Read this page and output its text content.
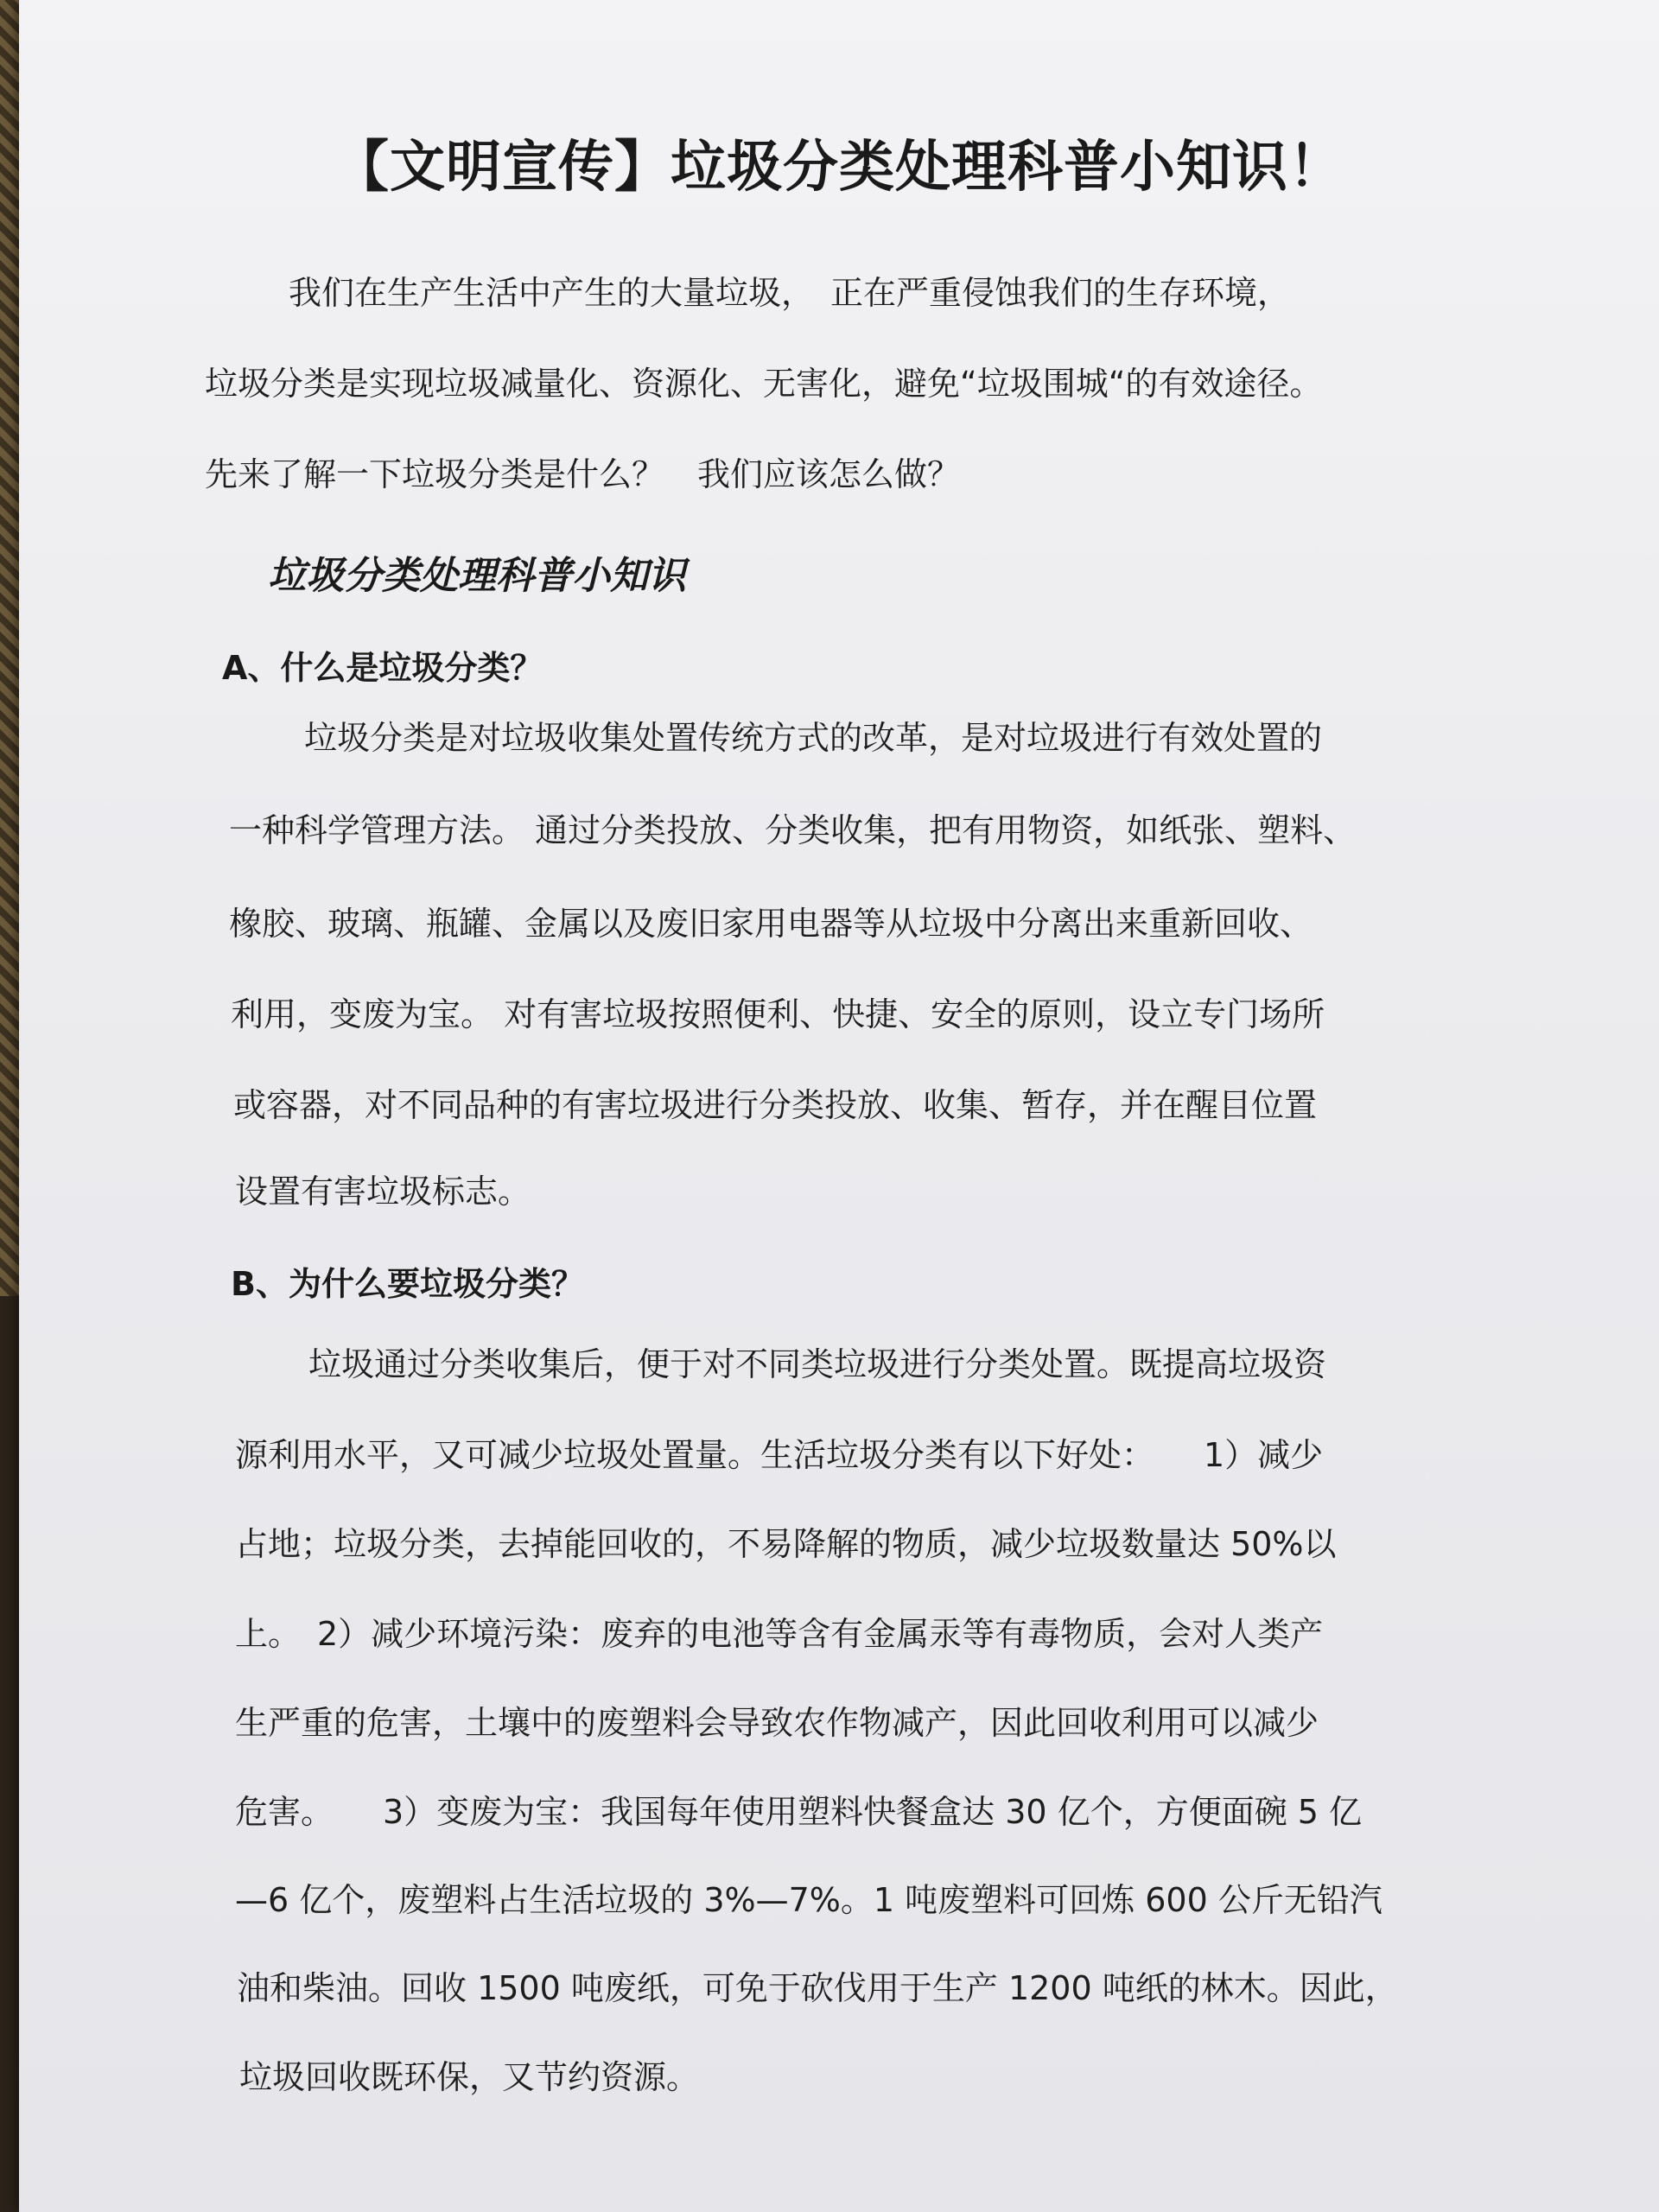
【文明宣传】垃圾分类处理科普小知识！
我们在生产生活中产生的大量垃圾，　正在严重侵蚀我们的生存环境，
垃圾分类是实现垃圾减量化、资源化、无害化，避免“垃圾围城“的有效途径。
先来了解一下垃圾分类是什么？　我们应该怎么做？
垃圾分类处理科普小知识
A、什么是垃圾分类？
垃圾分类是对垃圾收集处置传统方式的改革，是对垃圾进行有效处置的
一种科学管理方法。 通过分类投放、分类收集，把有用物资，如纸张、塑料、
橡胶、玻璃、瓶罐、金属以及废旧家用电器等从垃圾中分离出来重新回收、
利用，变废为宝。 对有害垃圾按照便利、快捷、安全的原则，设立专门场所
或容器，对不同品种的有害垃圾进行分类投放、收集、暂存，并在醒目位置
设置有害垃圾标志。
B、为什么要垃圾分类？
垃圾通过分类收集后，便于对不同类垃圾进行分类处置。既提高垃圾资
源利用水平，又可减少垃圾处置量。生活垃圾分类有以下好处：　　1）减少
占地；垃圾分类，去掉能回收的，不易降解的物质，减少垃圾数量达 50%以
上。　2）减少环境污染：废弃的电池等含有金属汞等有毒物质，会对人类产
生严重的危害，土壤中的废塑料会导致农作物减产，因此回收利用可以减少
危害。　　3）变废为宝：我国每年使用塑料快餐盒达 30 亿个，方便面碗 5 亿
—6 亿个，废塑料占生活垃圾的 3%—7%。1 吨废塑料可回炼 600 公斤无铅汽
油和柴油。回收 1500 吨废纸，可免于砍伐用于生产 1200 吨纸的林木。因此，
垃圾回收既环保，又节约资源。
